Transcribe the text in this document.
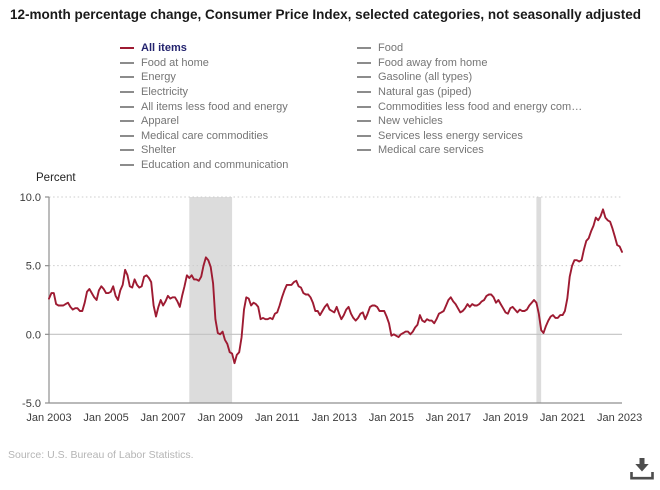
12-month percentage change, Consumer Price Index, selected categories, not seasonally adjusted
All items
Food at home
Energy
Electricity
All items less food and energy
Apparel
Medical care commodities
Shelter
Education and communication
Food
Food away from home
Gasoline (all types)
Natural gas (piped)
Commodities less food and energy com…
New vehicles
Services less energy services
Medical care services
Percent
10.0
5.0
0.0
-5.0
Jan 2003 Jan 2005 Jan 2007 Jan 2009 Jan 2011 Jan 2013 Jan 2015 Jan 2017 Jan 2019 Jan 2021 Jan 2023
Source: U.S. Bureau of Labor Statistics.
